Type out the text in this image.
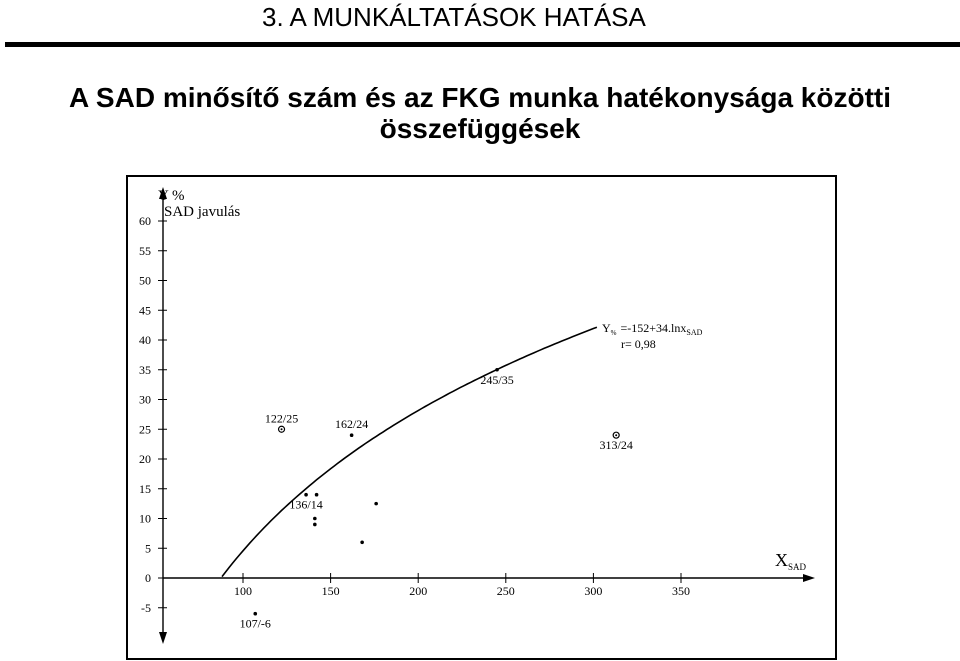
3. A MUNKÁLTATÁSOK HATÁSA
A SAD minősítő szám és az FKG munka hatékonysága közötti
összefüggések
60
55
50
45
40
35
30
25
20
15
10
5
0
-5
100	150	200	250	300	350
122/25	162/24
245/35
313/24
136/14
107/-6
Y %
SAD javulás
$X_{SAD}$
$Y_{\%} =-152+34.\ln x_{SAD}$
r= 0,98
